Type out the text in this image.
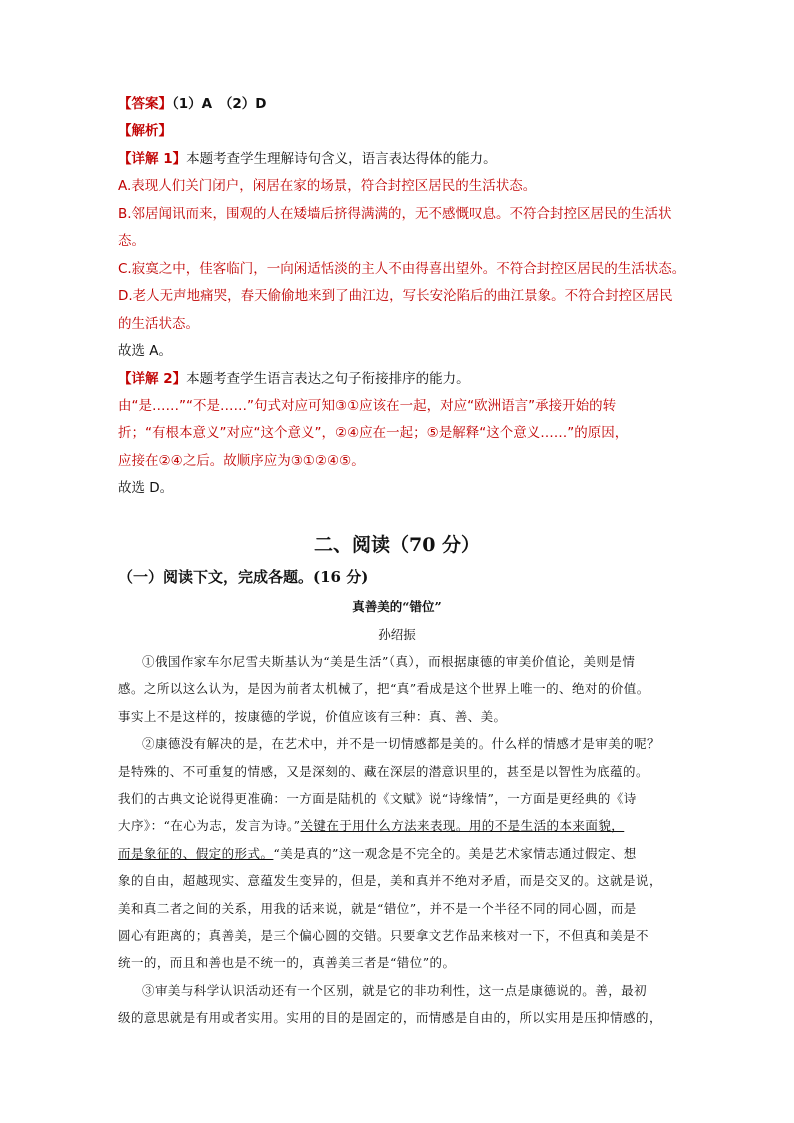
【答案】（1）A　（2）D
【解析】
【详解 1】本题考查学生理解诗句含义，语言表达得体的能力。
A.表现人们关门闭户，闲居在家的场景，符合封控区居民的生活状态。
B.邻居闻讯而来，围观的人在矮墙后挤得满满的，无不感慨叹息。不符合封控区居民的生活状
态。
C.寂寞之中，佳客临门，一向闲适恬淡的主人不由得喜出望外。不符合封控区居民的生活状态。
D.老人无声地痛哭，春天偷偷地来到了曲江边，写长安沦陷后的曲江景象。不符合封控区居民
的生活状态。
故选 A。
【详解 2】本题考查学生语言表达之句子衔接排序的能力。
由“是……”“不是……”句式对应可知③①应该在一起，对应“欧洲语言”承接开始的转
折；“有根本意义”对应“这个意义”，②④应在一起；⑤是解释“这个意义……”的原因，
应接在②④之后。故顺序应为③①②④⑤。
故选 D。
二、阅读（70 分）
（一）阅读下文，完成各题。(16 分)
真善美的“错位”
孙绍振
①俄国作家车尔尼雪夫斯基认为“美是生活”（真），而根据康德的审美价值论，美则是情
感。之所以这么认为，是因为前者太机械了，把“真”看成是这个世界上唯一的、绝对的价值。
事实上不是这样的，按康德的学说，价值应该有三种：真、善、美。
②康德没有解决的是，在艺术中，并不是一切情感都是美的。什么样的情感才是审美的呢？
是特殊的、不可重复的情感，又是深刻的、藏在深层的潜意识里的，甚至是以智性为底蕴的。
我们的古典文论说得更准确：一方面是陆机的《文赋》说“诗缘情”，一方面是更经典的《诗
大序》：“在心为志，发言为诗。”关键在于用什么方法来表现。用的不是生活的本来面貌，
而是象征的、假定的形式。“美是真的”这一观念是不完全的。美是艺术家情志通过假定、想
象的自由，超越现实、意蕴发生变异的，但是，美和真并不绝对矛盾，而是交叉的。这就是说，
美和真二者之间的关系，用我的话来说，就是“错位”，并不是一个半径不同的同心圆，而是
圆心有距离的；真善美，是三个偏心圆的交错。只要拿文艺作品来核对一下，不但真和美是不
统一的，而且和善也是不统一的，真善美三者是“错位”的。
③审美与科学认识活动还有一个区别，就是它的非功利性，这一点是康德说的。善，最初
级的意思就是有用或者实用。实用的目的是固定的，而情感是自由的，所以实用是压抑情感的，
